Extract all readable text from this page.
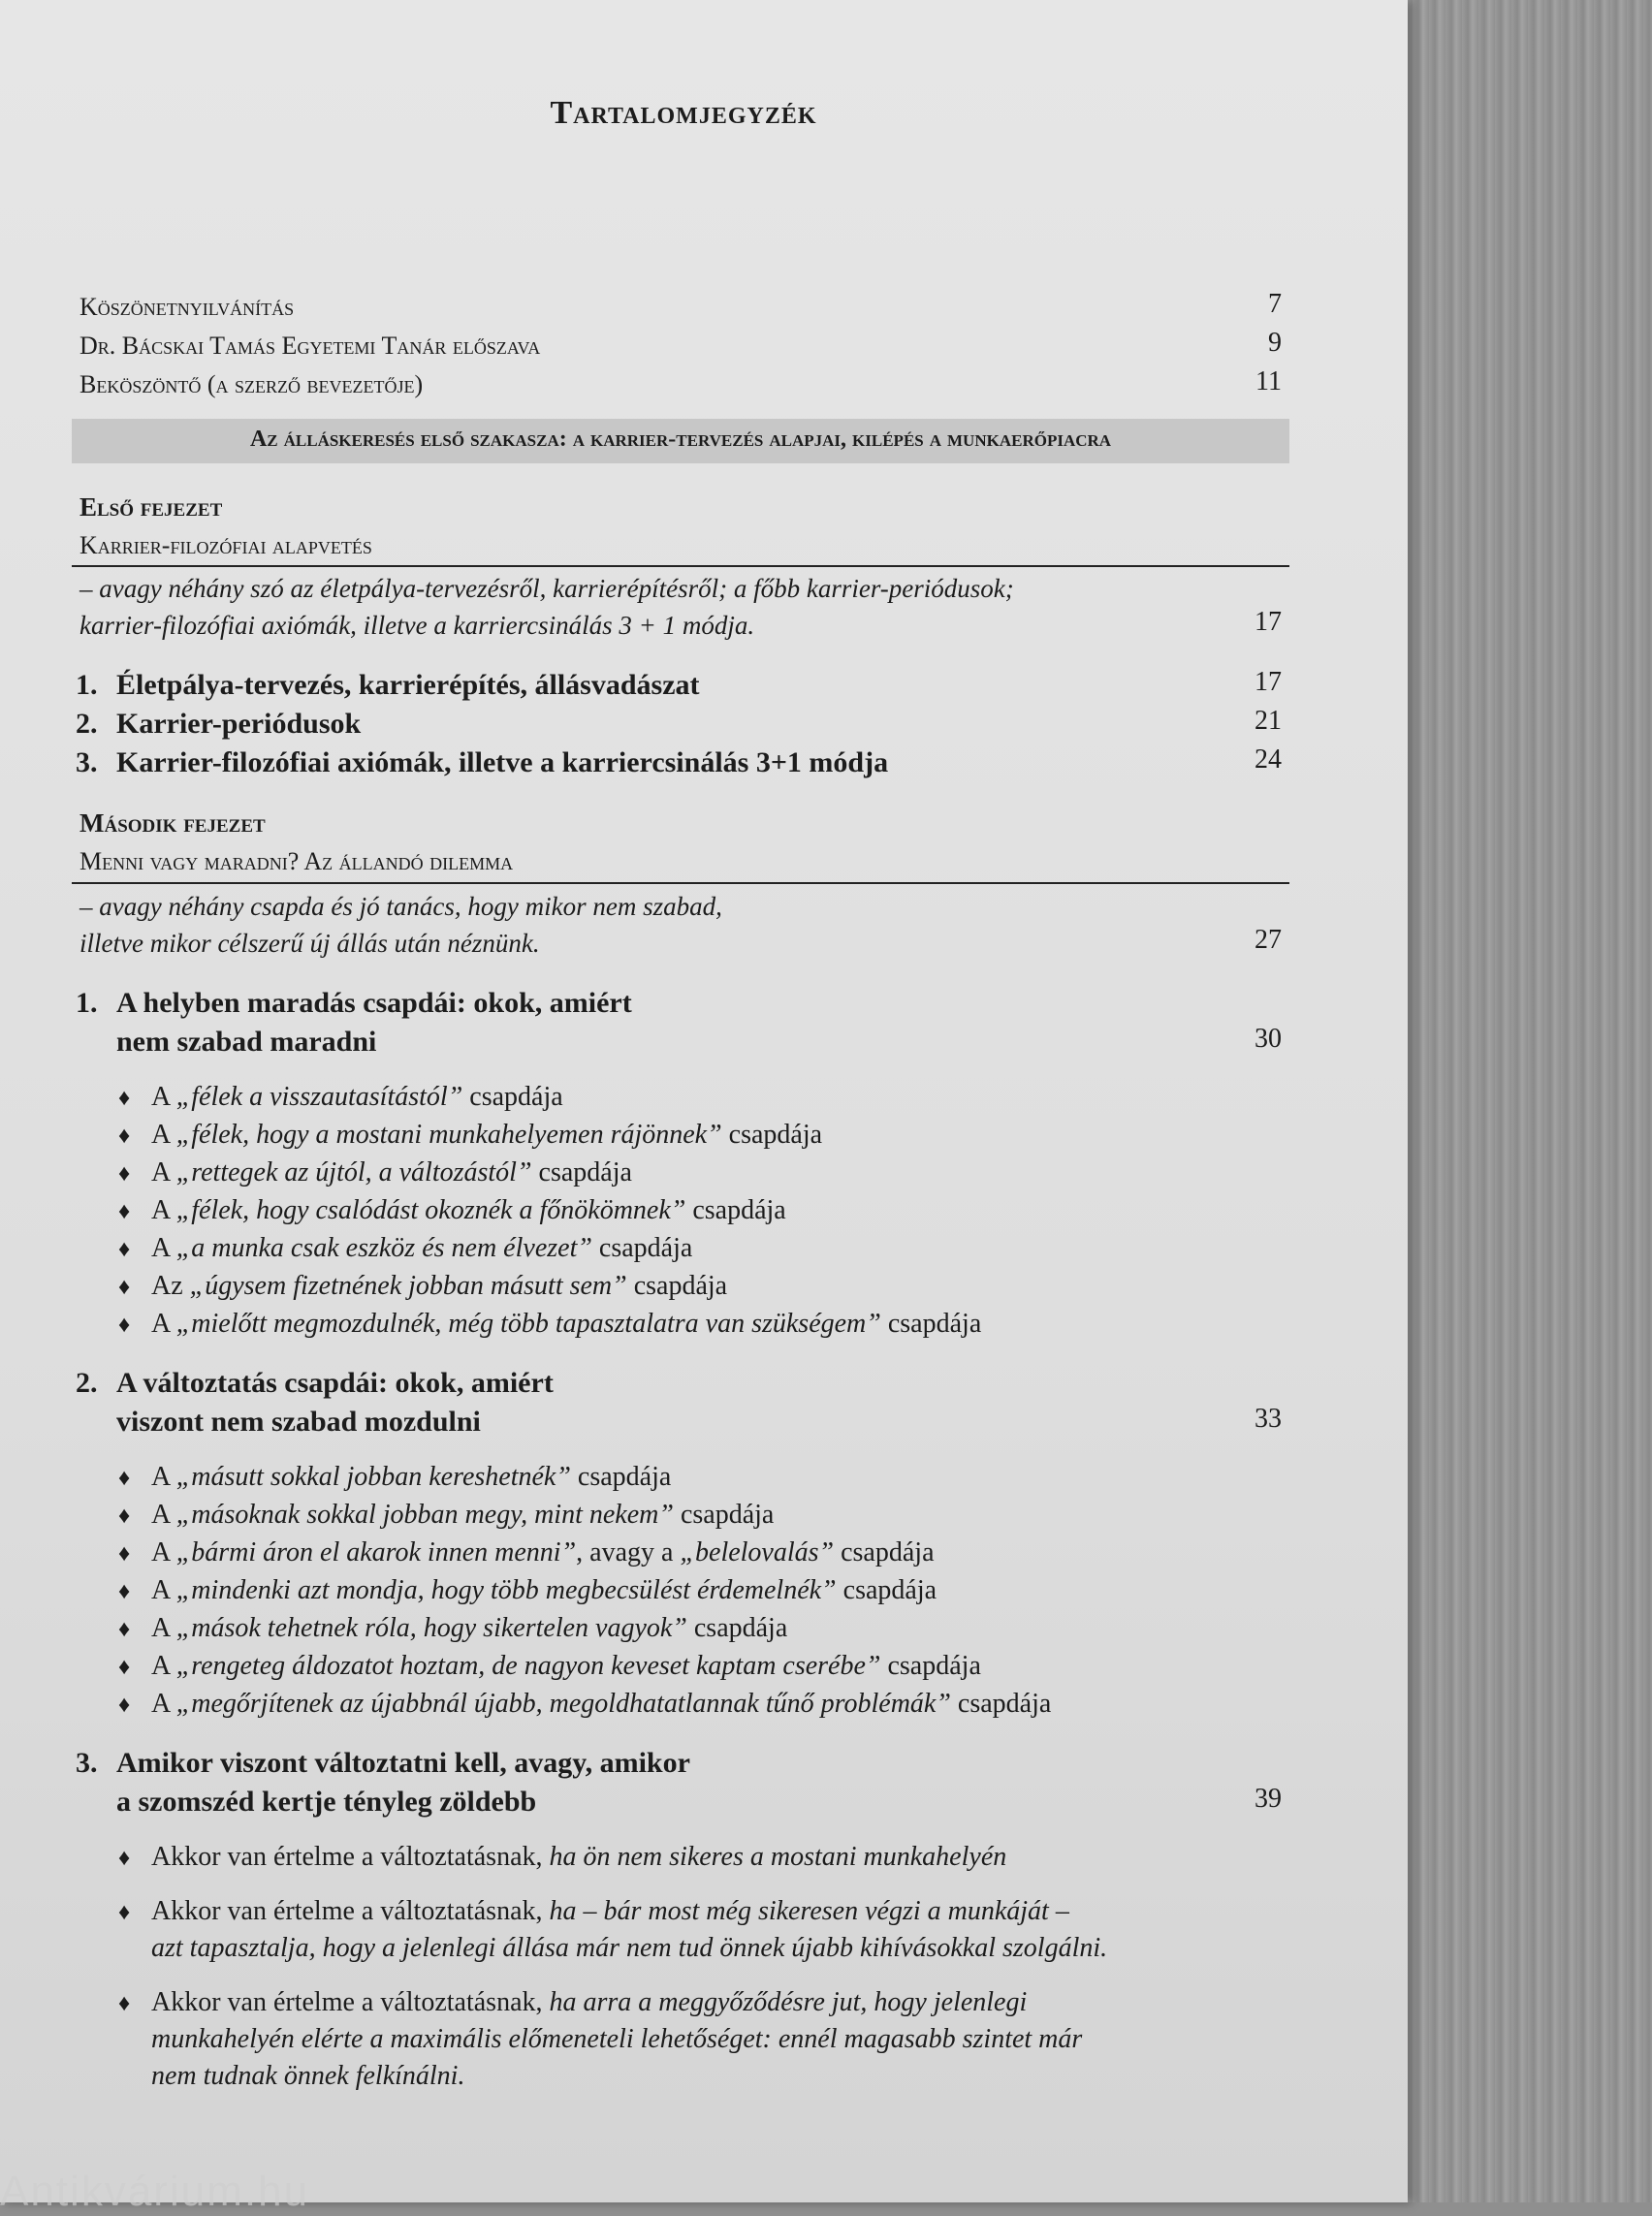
Tartalomjegyzék
Köszönetnyilvánítás	7
Dr. Bácskai Tamás Egyetemi Tanár előszava	9
Beköszöntő (a szerző bevezetője)	11
Az álláskeresés első szakasza: a karrier-tervezés alapjai, kilépés a munkaerőpiacra
Első fejezet
Karrier-filozófiai alapvetés
– avagy néhány szó az életpálya-tervezésről, karrierépítésről; a főbb karrier-periódusok;
karrier-filozófiai axiómák, illetve a karriercsinálás 3 + 1 módja.	17
1. Életpálya-tervezés, karrierépítés, állásvadászat	17
2. Karrier-periódusok	21
3. Karrier-filozófiai axiómák, illetve a karriercsinálás 3+1 módja	24
Második fejezet
Menni vagy maradni? Az állandó dilemma
– avagy néhány csapda és jó tanács, hogy mikor nem szabad,
illetve mikor célszerű új állás után néznünk.	27
1. A helyben maradás csapdái: okok, amiért
nem szabad maradni	30
♦ A „félek a visszautasítástól” csapdája
♦ A „félek, hogy a mostani munkahelyemen rájönnek” csapdája
♦ A „rettegek az újtól, a változástól” csapdája
♦ A „félek, hogy csalódást okoznék a főnökömnek” csapdája
♦ A „a munka csak eszköz és nem élvezet” csapdája
♦ Az „úgysem fizetnének jobban másutt sem” csapdája
♦ A „mielőtt megmozdulnék, még több tapasztalatra van szükségem” csapdája
2. A változtatás csapdái: okok, amiért
viszont nem szabad mozdulni	33
♦ A „másutt sokkal jobban kereshetnék” csapdája
♦ A „másoknak sokkal jobban megy, mint nekem” csapdája
♦ A „bármi áron el akarok innen menni”, avagy a „belelovalás” csapdája
♦ A „mindenki azt mondja, hogy több megbecsülést érdemelnék” csapdája
♦ A „mások tehetnek róla, hogy sikertelen vagyok” csapdája
♦ A „rengeteg áldozatot hoztam, de nagyon keveset kaptam cserébe” csapdája
♦ A „megőrjítenek az újabbnál újabb, megoldhatatlannak tűnő problémák” csapdája
3. Amikor viszont változtatni kell, avagy, amikor
a szomszéd kertje tényleg zöldebb	39
♦ Akkor van értelme a változtatásnak, ha ön nem sikeres a mostani munkahelyén
♦ Akkor van értelme a változtatásnak, ha – bár most még sikeresen végzi a munkáját –
azt tapasztalja, hogy a jelenlegi állása már nem tud önnek újabb kihívásokkal szolgálni.
♦ Akkor van értelme a változtatásnak, ha arra a meggyőződésre jut, hogy jelenlegi
munkahelyén elérte a maximális előmeneteli lehetőséget: ennél magasabb szintet már
nem tudnak önnek felkínálni.
Antikvárium.hu
